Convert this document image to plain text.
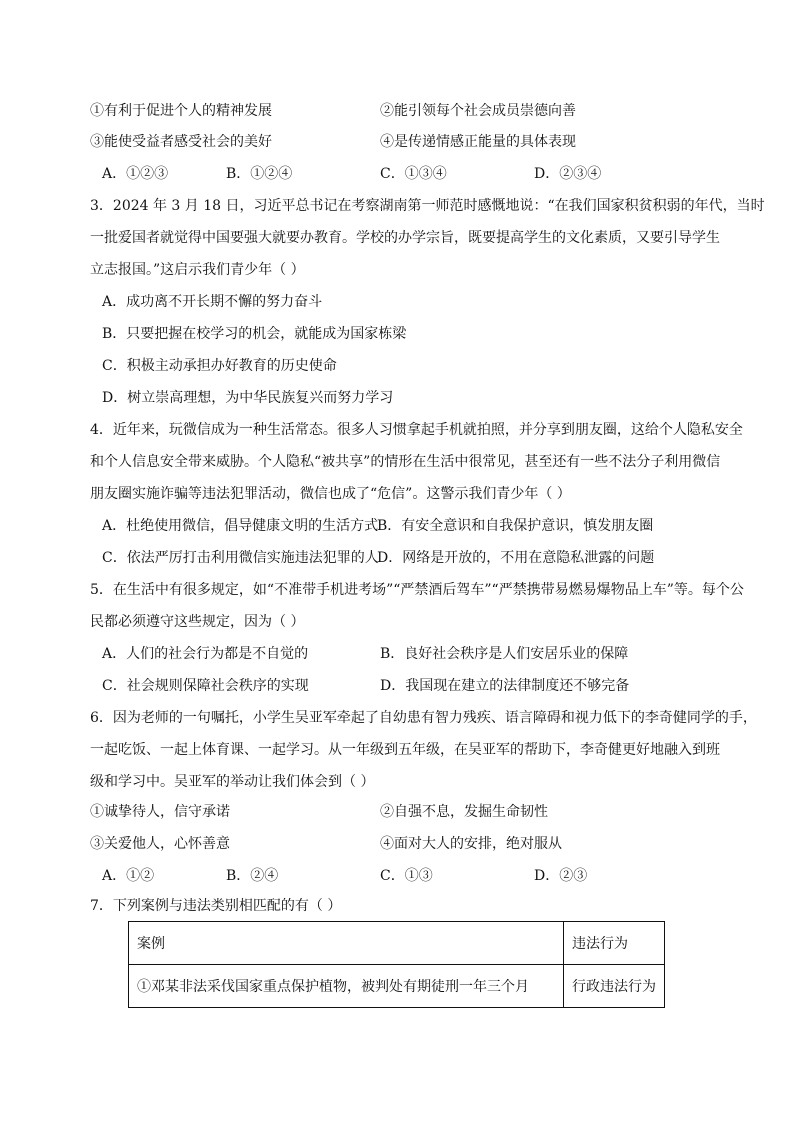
①有利于促进个人的精神发展	②能引领每个社会成员崇德向善
③能使受益者感受社会的美好	④是传递情感正能量的具体表现
A．①②③	B．①②④	C．①③④	D．②③④
3．2024 年 3 月 18 日，习近平总书记在考察湖南第一师范时感慨地说：“在我们国家积贫积弱的年代，当时
一批爱国者就觉得中国要强大就要办教育。学校的办学宗旨，既要提高学生的文化素质，又要引导学生
立志报国。”这启示我们青少年（ ）
A．成功离不开长期不懈的努力奋斗
B．只要把握在校学习的机会，就能成为国家栋梁
C．积极主动承担办好教育的历史使命
D．树立崇高理想，为中华民族复兴而努力学习
4．近年来，玩微信成为一种生活常态。很多人习惯拿起手机就拍照，并分享到朋友圈，这给个人隐私安全
和个人信息安全带来威胁。个人隐私“被共享”的情形在生活中很常见，甚至还有一些不法分子利用微信
朋友圈实施诈骗等违法犯罪活动，微信也成了“危信”。这警示我们青少年（ ）
A．杜绝使用微信，倡导健康文明的生活方式
B．有安全意识和自我保护意识，慎发朋友圈
C．依法严厉打击利用微信实施违法犯罪的人
D．网络是开放的，不用在意隐私泄露的问题
5．在生活中有很多规定，如“不准带手机进考场”“严禁酒后驾车”“严禁携带易燃易爆物品上车”等。每个公
民都必须遵守这些规定，因为（ ）
A．人们的社会行为都是不自觉的	B．良好社会秩序是人们安居乐业的保障
C．社会规则保障社会秩序的实现	D．我国现在建立的法律制度还不够完备
6．因为老师的一句嘱托，小学生吴亚军牵起了自幼患有智力残疾、语言障碍和视力低下的李奇健同学的手，
一起吃饭、一起上体育课、一起学习。从一年级到五年级，在吴亚军的帮助下，李奇健更好地融入到班
级和学习中。吴亚军的举动让我们体会到（ ）
①诚挚待人，信守承诺	②自强不息，发掘生命韧性
③关爱他人，心怀善意	④面对大人的安排，绝对服从
A．①②	B．②④	C．①③	D．②③
7．下列案例与违法类别相匹配的有（ ）
案例	违法行为
①邓某非法采伐国家重点保护植物，被判处有期徒刑一年三个月	行政违法行为
